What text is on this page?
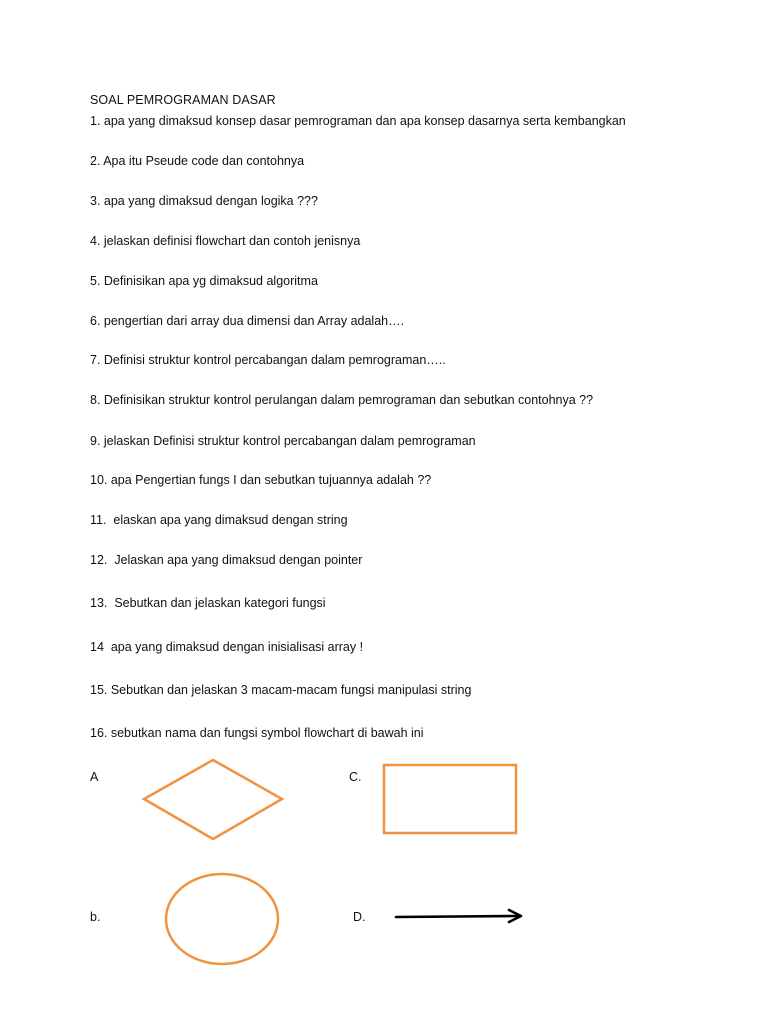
SOAL PEMROGRAMAN DASAR
1. apa yang dimaksud konsep dasar pemrograman dan apa konsep dasarnya serta kembangkan
2. Apa itu Pseude code dan contohnya
3. apa yang dimaksud dengan logika ???
4. jelaskan definisi flowchart dan contoh jenisnya
5. Definisikan apa yg dimaksud algoritma
6. pengertian dari array dua dimensi dan Array adalah….
7. Definisi struktur kontrol percabangan dalam pemrograman…..
8. Definisikan struktur kontrol perulangan dalam pemrograman dan sebutkan contohnya ??
9. jelaskan Definisi struktur kontrol percabangan dalam pemrograman
10. apa Pengertian fungs I dan sebutkan tujuannya adalah ??
11.  elaskan apa yang dimaksud dengan string
12.  Jelaskan apa yang dimaksud dengan pointer
13.  Sebutkan dan jelaskan kategori fungsi
14  apa yang dimaksud dengan inisialisasi array !
15. Sebutkan dan jelaskan 3 macam-macam fungsi manipulasi string
16. sebutkan nama dan fungsi symbol flowchart di bawah ini
A	C.
b.	D.
